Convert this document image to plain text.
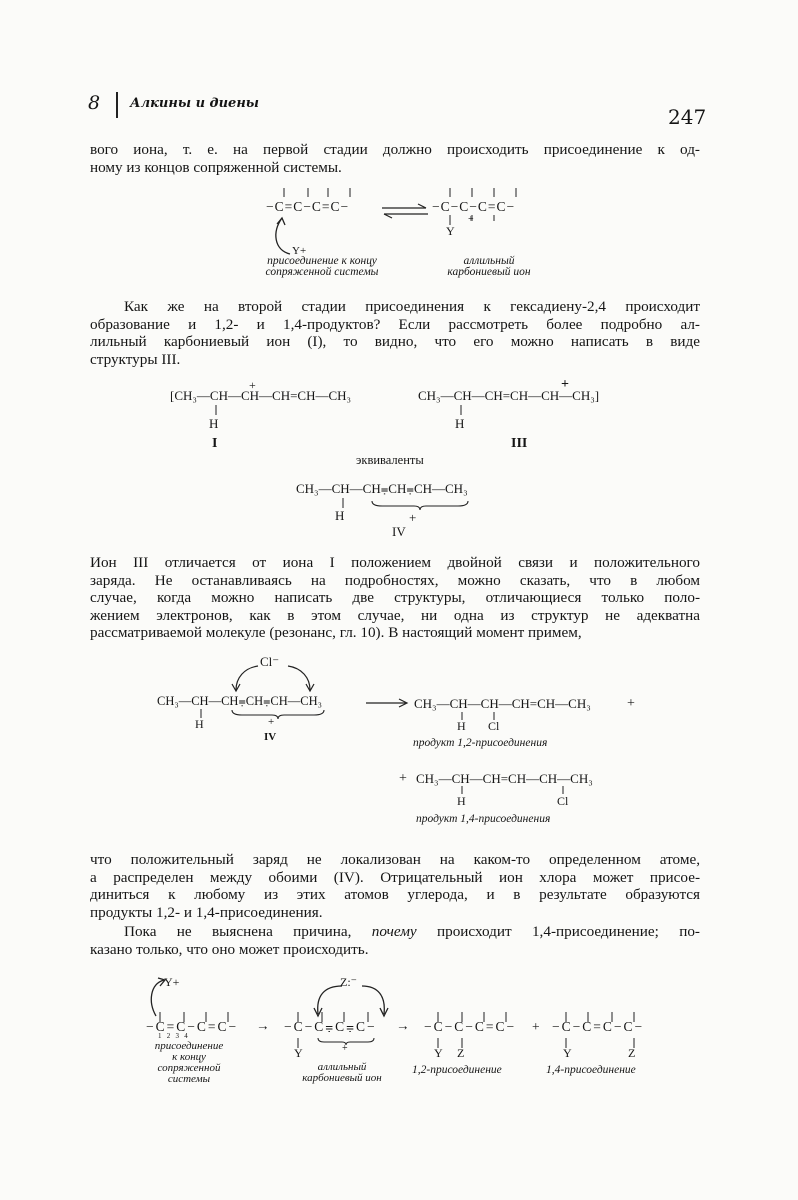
8 Алкины и диены
247
вого иона, т. е. на первой стадии должно происходить присоединение к од-
ному из концов сопряженной системы.
−C=C−C=C− ⇌ −C−C−C=C−
Y+
+
Y
присоединение к концу
сопряженной системы
аллильный
карбониевый ион
Как же на второй стадии присоединения к гексадиену-2,4 происходит
образование и 1,2- и 1,4-продуктов? Если рассмотреть более подробно ал-
лильный карбониевый ион (I), то видно, что его можно написать в виде
структуры III.
+
[CH₃—CH—CH—CH=CH—CH₃
H
I
+
CH₃—CH—CH=CH—CH—CH₃]
H
III
эквиваленты
CH₃—CH—CH⩦CH⩦CH—CH₃
H	+
IV
Ион III отличается от иона I положением двойной связи и положительного
заряда. Не останавливаясь на подробностях, можно сказать, что в любом
случае, когда можно написать две структуры, отличающиеся только поло-
жением электронов, как в этом случае, ни одна из структур не адекватна
рассматриваемой молекуле (резонанс, гл. 10). В настоящий момент примем,
Cl⁻
CH₃—CH—CH⩦CH⩦CH—CH₃
H	+
IV
→ CH₃—CH—CH—CH=CH—CH₃	+
H Cl
продукт 1,2-присоединения
+ CH₃—CH—CH=CH—CH—CH₃
H	Cl
продукт 1,4-присоединения
что положительный заряд не локализован на каком-то определенном атоме,
а распределен между обоими (IV). Отрицательный ион хлора может присое-
диниться к любому из этих атомов углерода, и в результате образуются
продукты 1,2- и 1,4-присоединения.
Пока не выяснена причина, почему происходит 1,4-присоединение; по-
казано только, что оно может происходить.
Y+	Z:⁻
−C=C−C=C−
1   2   3   4
→ −C−C⩦C⩦C− → −C−C−C=C− + −C−C=C−C−
+
Y	Y Z	Y	Z
присоединение
к концу
сопряженной
системы
аллильный
карбониевый ион
1,2-присоединение	1,4-присоединение
